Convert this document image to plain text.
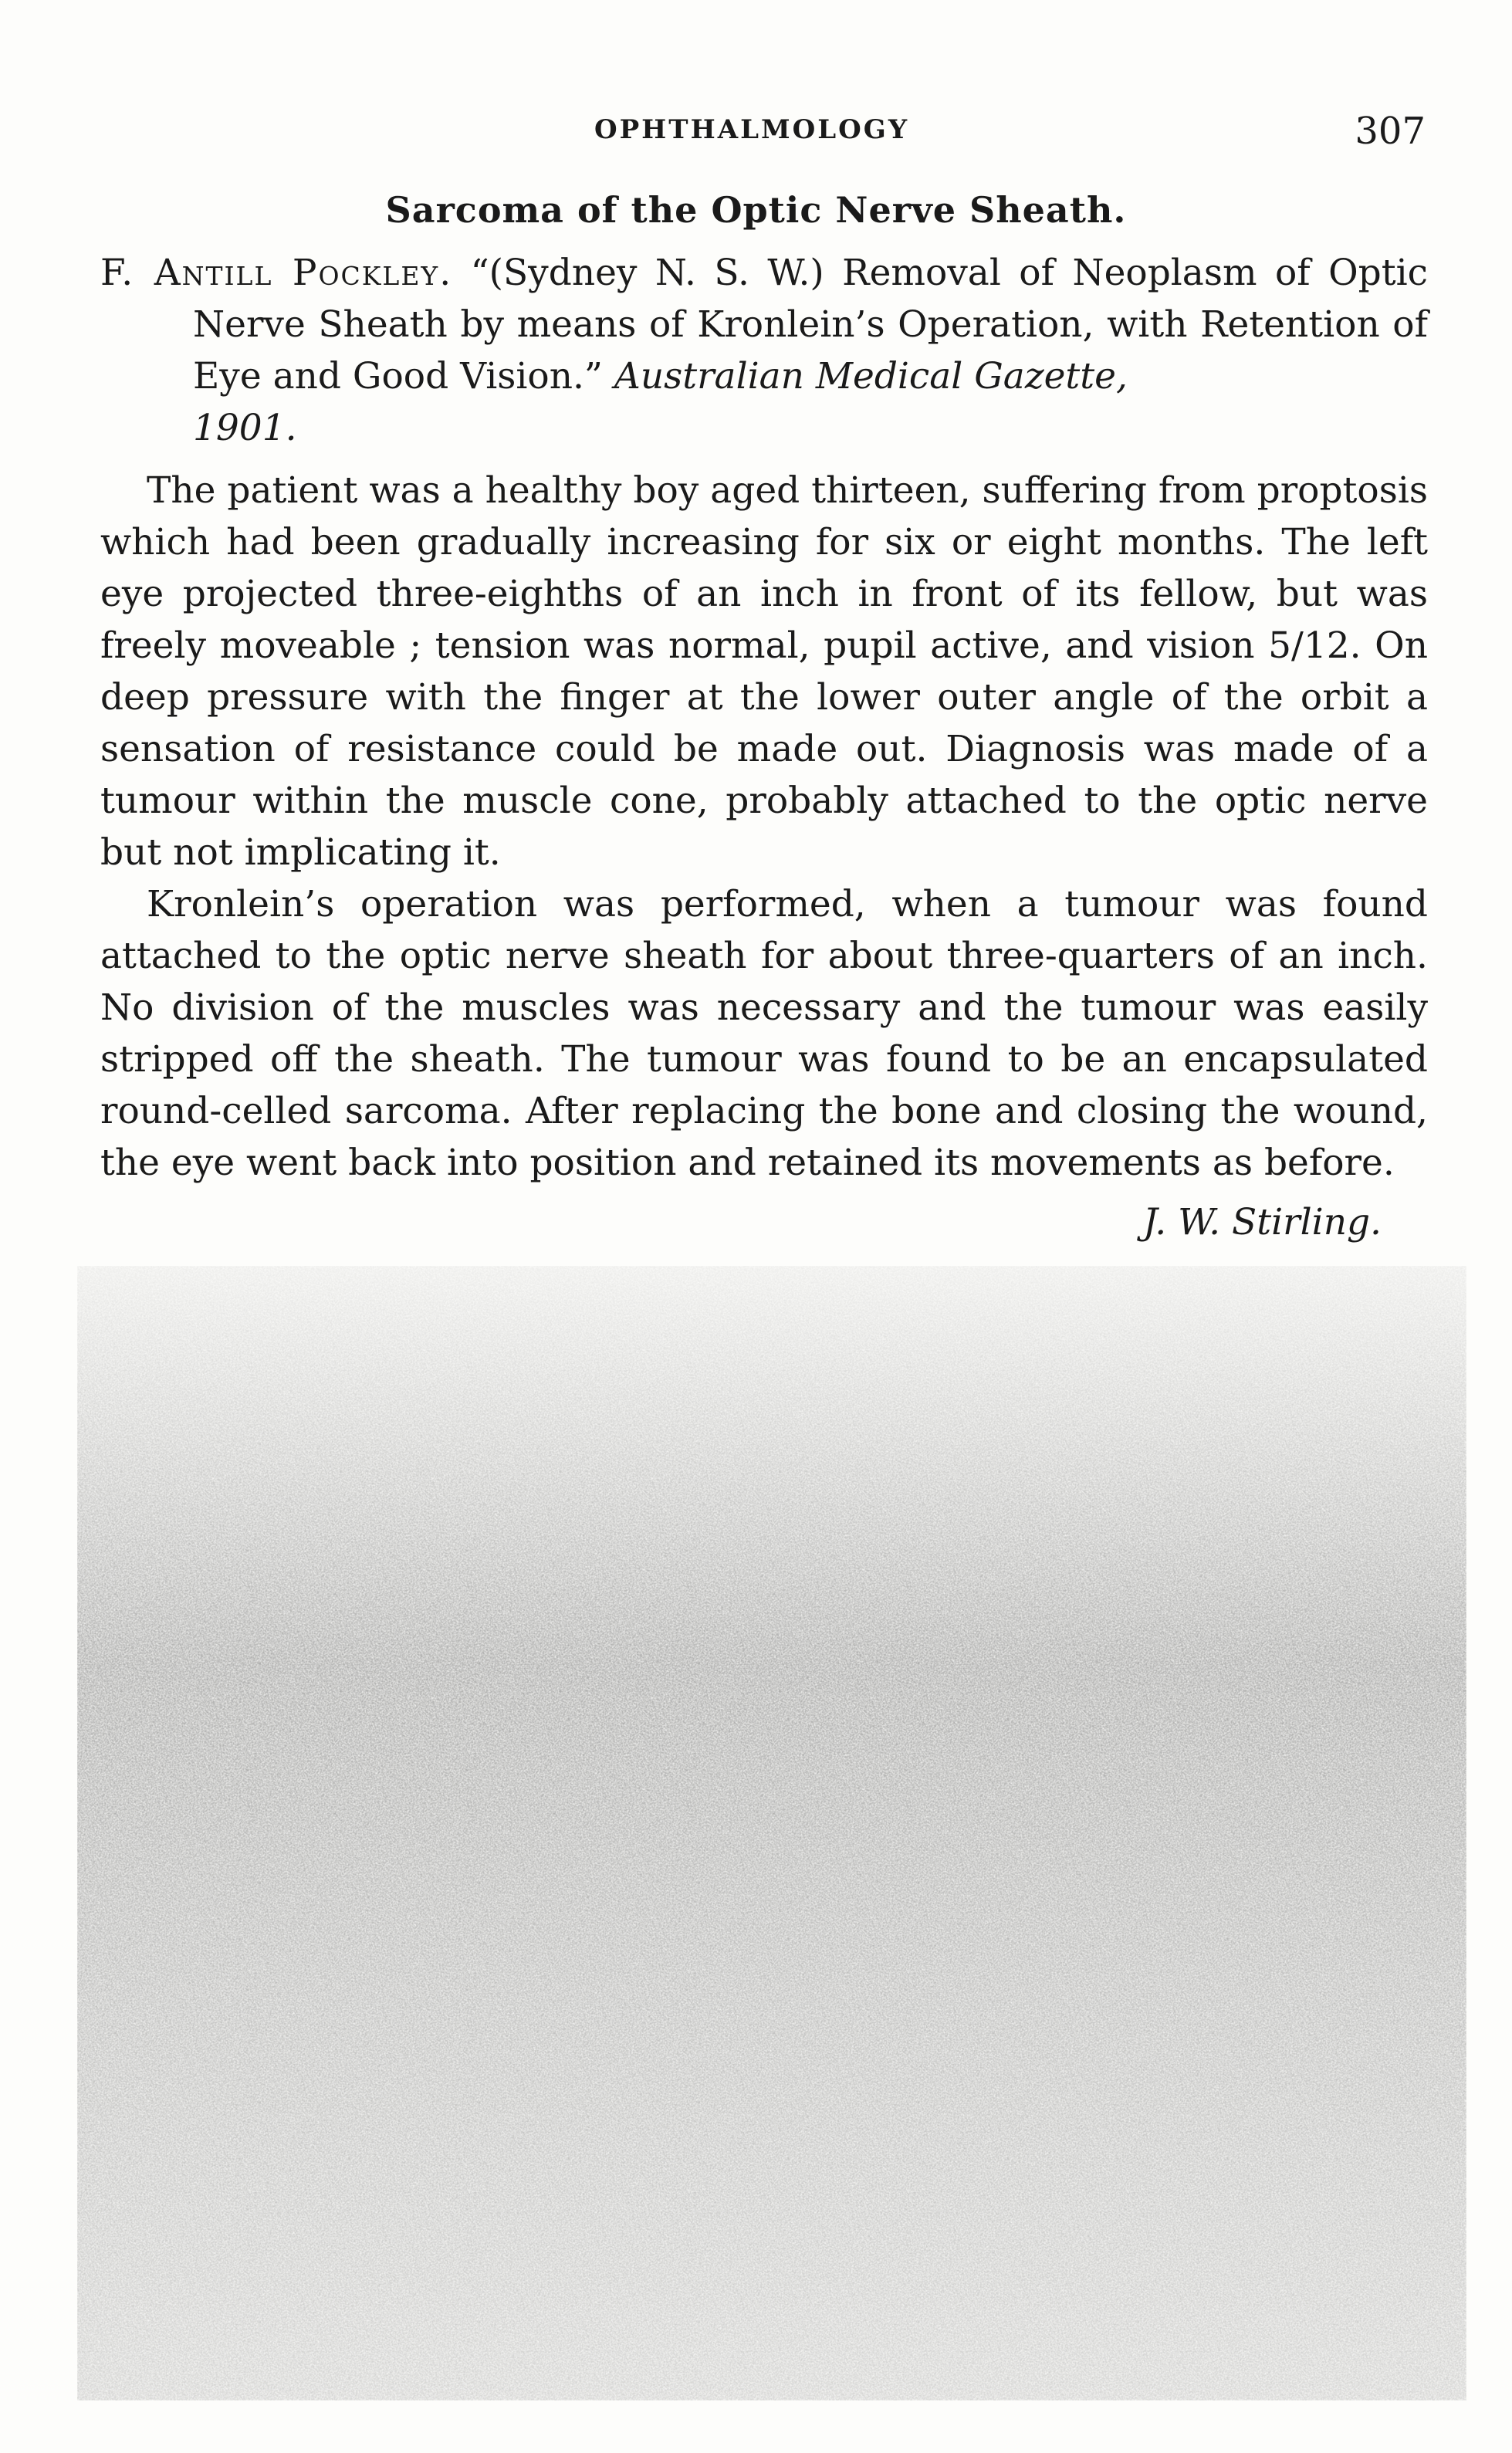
OPHTHALMOLOGY	307
Sarcoma of the Optic Nerve Sheath.

F. Antill Pockley. “(Sydney N. S. W.) Removal of Neoplasm of Optic Nerve Sheath by means of Kronlein’s Operation, with Retention of Eye and Good Vision.” Australian Medical Gazette,
1901.

The patient was a healthy boy aged thirteen, suffering from proptosis which had been gradually increasing for six or eight months. The left eye projected three-eighths of an inch in front of its fellow, but was freely moveable ; tension was normal, pupil active, and vision 5/12. On deep pressure with the finger at the lower outer angle of the orbit a sensation of resistance could be made out. Diagnosis was made of a tumour within the muscle cone, probably attached to the optic nerve but not implicating it.

Kronlein’s operation was performed, when a tumour was found attached to the optic nerve sheath for about three-quarters of an inch. No division of the muscles was necessary and the tumour was easily stripped off the sheath. The tumour was found to be an encapsulated round-celled sarcoma. After replacing the bone and closing the wound, the eye went back into position and retained its movements as before.

J. W. Stirling.
